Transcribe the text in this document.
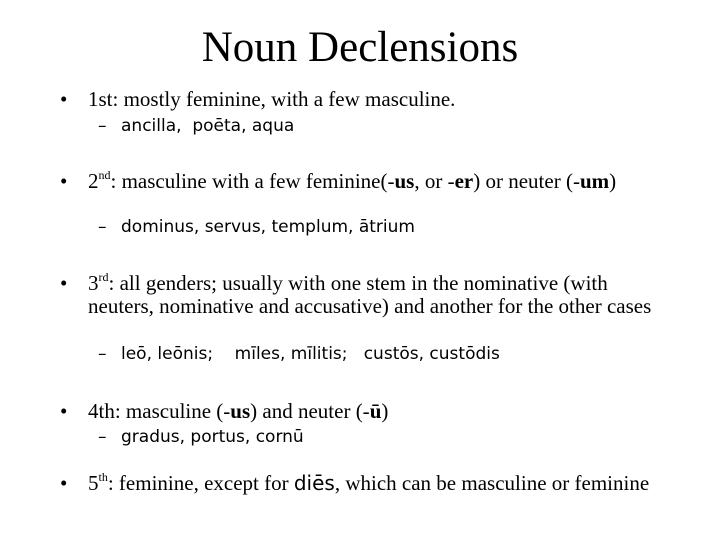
Noun Declensions
• 1st: mostly feminine, with a few masculine.
– ancilla,  poēta, aqua
• 2nd: masculine with a few feminine(-us, or -er) or neuter (-um)
– dominus, servus, templum, ātrium
• 3rd: all genders; usually with one stem in the nominative (with neuters, nominative and accusative) and another for the other cases
– leō, leōnis;    mīles, mīlitis;   custōs, custōdis
• 4th: masculine (-us) and neuter (-ū)
– gradus, portus, cornū
• 5th: feminine, except for diēs, which can be masculine or feminine
